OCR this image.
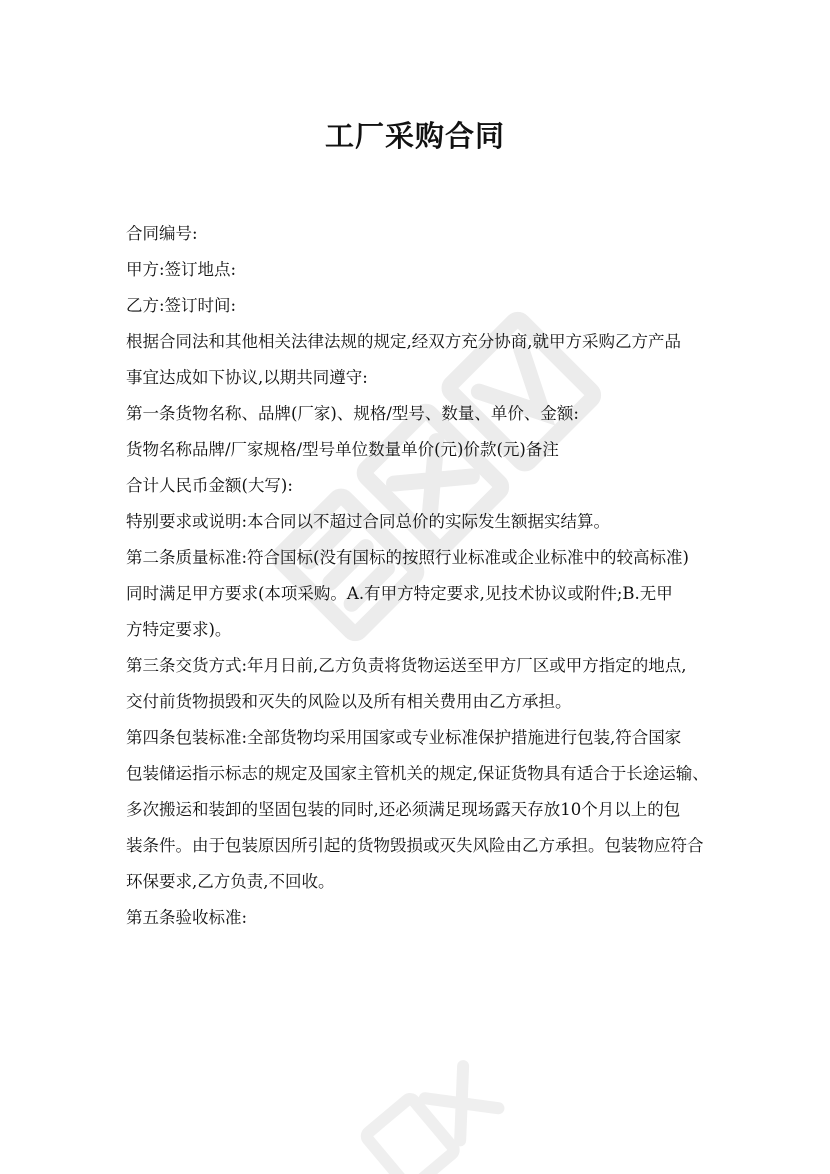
工厂采购合同
合同编号:
甲方:签订地点:
乙方:签订时间:
根据合同法和其他相关法律法规的规定,经双方充分协商,就甲方采购乙方产品
事宜达成如下协议,以期共同遵守:
第一条货物名称、品牌(厂家)、规格/型号、数量、单价、金额:
货物名称品牌/厂家规格/型号单位数量单价(元)价款(元)备注
合计人民币金额(大写):
特别要求或说明:本合同以不超过合同总价的实际发生额据实结算。
第二条质量标准:符合国标(没有国标的按照行业标准或企业标准中的较高标准)
同时满足甲方要求(本项采购。A.有甲方特定要求,见技术协议或附件;B.无甲
方特定要求)。
第三条交货方式:年月日前,乙方负责将货物运送至甲方厂区或甲方指定的地点,
交付前货物损毁和灭失的风险以及所有相关费用由乙方承担。
第四条包装标准:全部货物均采用国家或专业标准保护措施进行包装,符合国家
包装储运指示标志的规定及国家主管机关的规定,保证货物具有适合于长途运输、
多次搬运和装卸的坚固包装的同时,还必须满足现场露天存放10个月以上的包
装条件。由于包装原因所引起的货物毁损或灭失风险由乙方承担。包装物应符合
环保要求,乙方负责,不回收。
第五条验收标准:
